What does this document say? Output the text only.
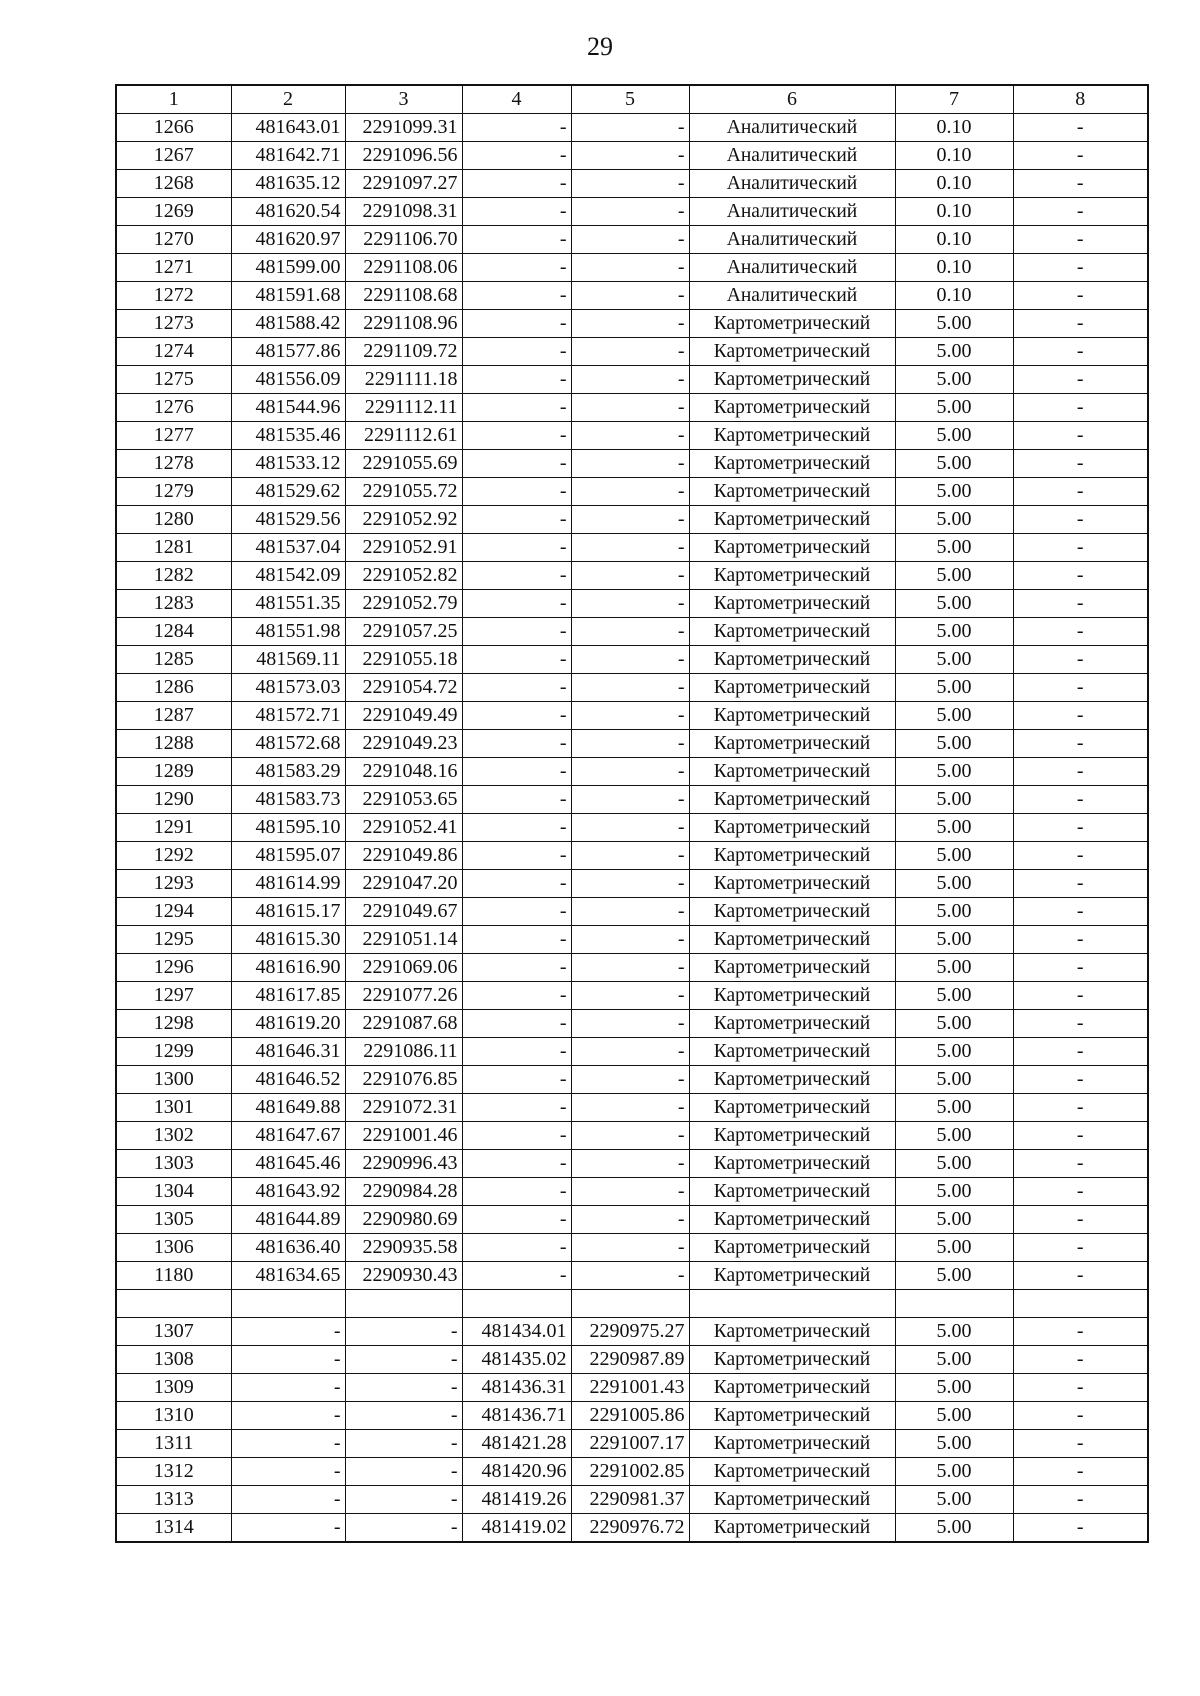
29
1	2	3	4	5	6	7	8
1266	481643.01	2291099.31	-	-	Аналитический	0.10	-
1267	481642.71	2291096.56	-	-	Аналитический	0.10	-
1268	481635.12	2291097.27	-	-	Аналитический	0.10	-
1269	481620.54	2291098.31	-	-	Аналитический	0.10	-
1270	481620.97	2291106.70	-	-	Аналитический	0.10	-
1271	481599.00	2291108.06	-	-	Аналитический	0.10	-
1272	481591.68	2291108.68	-	-	Аналитический	0.10	-
1273	481588.42	2291108.96	-	-	Картометрический	5.00	-
1274	481577.86	2291109.72	-	-	Картометрический	5.00	-
1275	481556.09	2291111.18	-	-	Картометрический	5.00	-
1276	481544.96	2291112.11	-	-	Картометрический	5.00	-
1277	481535.46	2291112.61	-	-	Картометрический	5.00	-
1278	481533.12	2291055.69	-	-	Картометрический	5.00	-
1279	481529.62	2291055.72	-	-	Картометрический	5.00	-
1280	481529.56	2291052.92	-	-	Картометрический	5.00	-
1281	481537.04	2291052.91	-	-	Картометрический	5.00	-
1282	481542.09	2291052.82	-	-	Картометрический	5.00	-
1283	481551.35	2291052.79	-	-	Картометрический	5.00	-
1284	481551.98	2291057.25	-	-	Картометрический	5.00	-
1285	481569.11	2291055.18	-	-	Картометрический	5.00	-
1286	481573.03	2291054.72	-	-	Картометрический	5.00	-
1287	481572.71	2291049.49	-	-	Картометрический	5.00	-
1288	481572.68	2291049.23	-	-	Картометрический	5.00	-
1289	481583.29	2291048.16	-	-	Картометрический	5.00	-
1290	481583.73	2291053.65	-	-	Картометрический	5.00	-
1291	481595.10	2291052.41	-	-	Картометрический	5.00	-
1292	481595.07	2291049.86	-	-	Картометрический	5.00	-
1293	481614.99	2291047.20	-	-	Картометрический	5.00	-
1294	481615.17	2291049.67	-	-	Картометрический	5.00	-
1295	481615.30	2291051.14	-	-	Картометрический	5.00	-
1296	481616.90	2291069.06	-	-	Картометрический	5.00	-
1297	481617.85	2291077.26	-	-	Картометрический	5.00	-
1298	481619.20	2291087.68	-	-	Картометрический	5.00	-
1299	481646.31	2291086.11	-	-	Картометрический	5.00	-
1300	481646.52	2291076.85	-	-	Картометрический	5.00	-
1301	481649.88	2291072.31	-	-	Картометрический	5.00	-
1302	481647.67	2291001.46	-	-	Картометрический	5.00	-
1303	481645.46	2290996.43	-	-	Картометрический	5.00	-
1304	481643.92	2290984.28	-	-	Картометрический	5.00	-
1305	481644.89	2290980.69	-	-	Картометрический	5.00	-
1306	481636.40	2290935.58	-	-	Картометрический	5.00	-
1180	481634.65	2290930.43	-	-	Картометрический	5.00	-

1307	-	-	481434.01	2290975.27	Картометрический	5.00	-
1308	-	-	481435.02	2290987.89	Картометрический	5.00	-
1309	-	-	481436.31	2291001.43	Картометрический	5.00	-
1310	-	-	481436.71	2291005.86	Картометрический	5.00	-
1311	-	-	481421.28	2291007.17	Картометрический	5.00	-
1312	-	-	481420.96	2291002.85	Картометрический	5.00	-
1313	-	-	481419.26	2290981.37	Картометрический	5.00	-
1314	-	-	481419.02	2290976.72	Картометрический	5.00	-
